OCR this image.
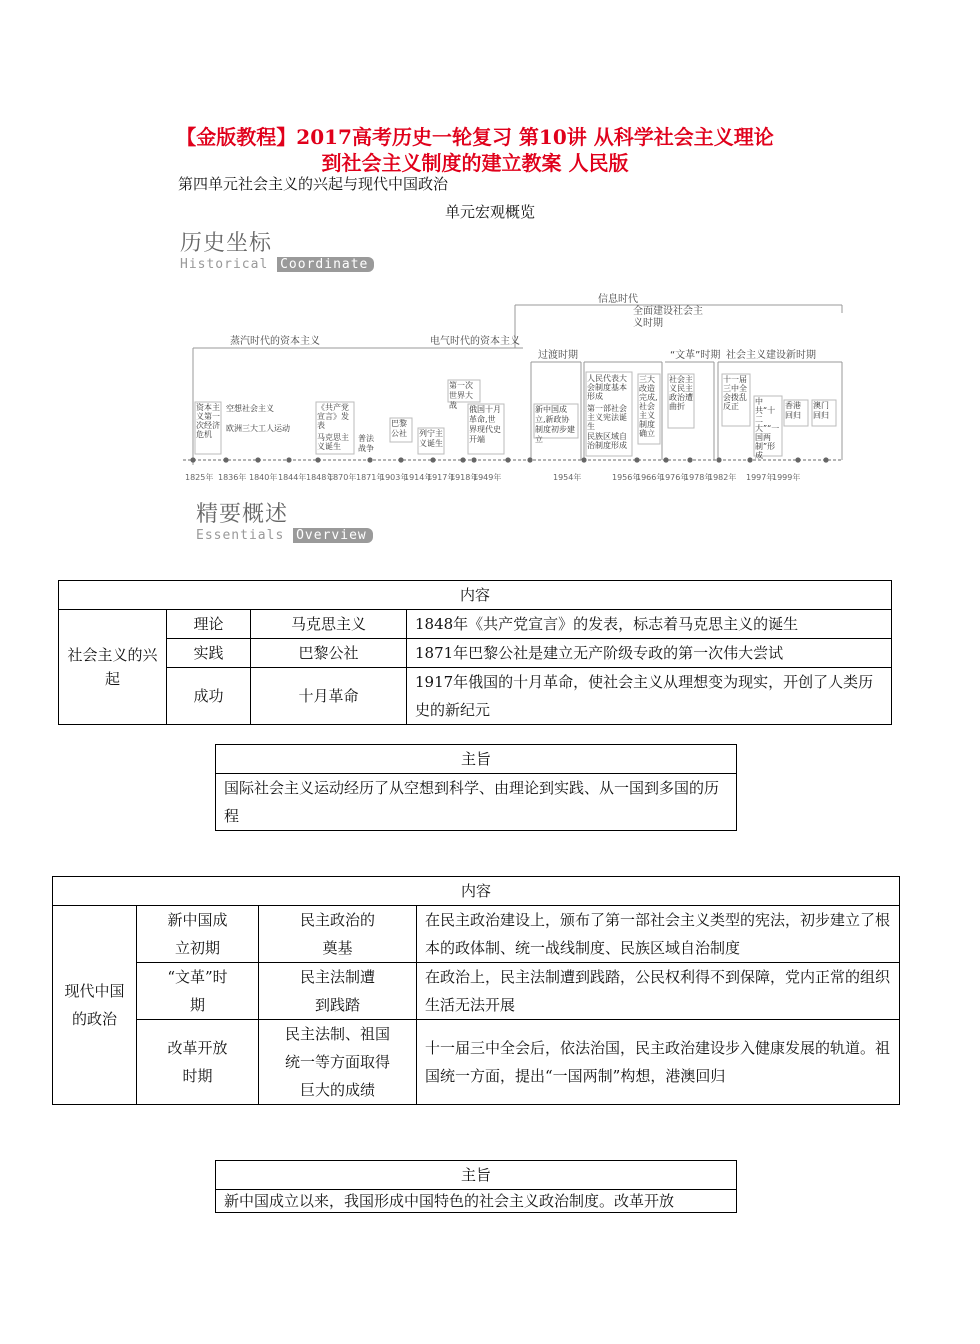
【金版教程】2017高考历史一轮复习 第10讲 从科学社会主义理论
到社会主义制度的建立教案 人民版
第四单元社会主义的兴起与现代中国政治
单元宏观概览
历史坐标
Historical Coordinate
信息时代
蒸汽时代的资本主义	电气时代的资本主义
过渡时期
全面建设社会主义时期
“文革”时期 社会主义建设新时期
资本主义第一次经济危机
空想社会主义
欧洲三大工人运动
《共产党宣言》发表
马克思主义诞生
普法战争
巴黎公社	列宁主义诞生
第一次世界大战	俄国十月革命,世界现代史开端
新中国成立,新政协制度初步建立
人民代表大会制度基本形成
第一部社会主义宪法诞生
民族区域自治制度形成
三大改造完成,社会主义制度确立
社会主义民主政治遭曲折
十一届三中全会拨乱反正
中共“十二大”“一国两制”形成
香港回归
澳门回归
1825年 1836年 1840年 1844年 1848年
1870年 1871年
1903年
1914年
1917年
1918年
1949年	1954年	1956年
1966年
1976年
1978年
1982年 1997年
1999年
精要概述
Essentials Overview
内容			
社会主义的兴起	理论	马克思主义	1848年《共产党宣言》的发表，标志着马克思主义的诞生
	实践	巴黎公社	1871年巴黎公社是建立无产阶级专政的第一次伟大尝试
	成功	十月革命	1917年俄国的十月革命，使社会主义从理想变为现实，开创了人类历史的新纪元
主旨
国际社会主义运动经历了从空想到科学、由理论到实践、从一国到多国的历程
内容			
现代中国的政治	新中国成立初期	民主政治的奠基	在民主政治建设上，颁布了第一部社会主义类型的宪法，初步建立了根本的政体制、统一战线制度、民族区域自治制度
	“文革”时期	民主法制遭到践踏	在政治上，民主法制遭到践踏，公民权利得不到保障，党内正常的组织生活无法开展
	改革开放时期	民主法制、祖国统一等方面取得巨大的成绩	十一届三中全会后，依法治国，民主政治建设步入健康发展的轨道。祖国统一方面，提出“一国两制”构想，港澳回归
主旨
新中国成立以来，我国形成中国特色的社会主义政治制度。改革开放
